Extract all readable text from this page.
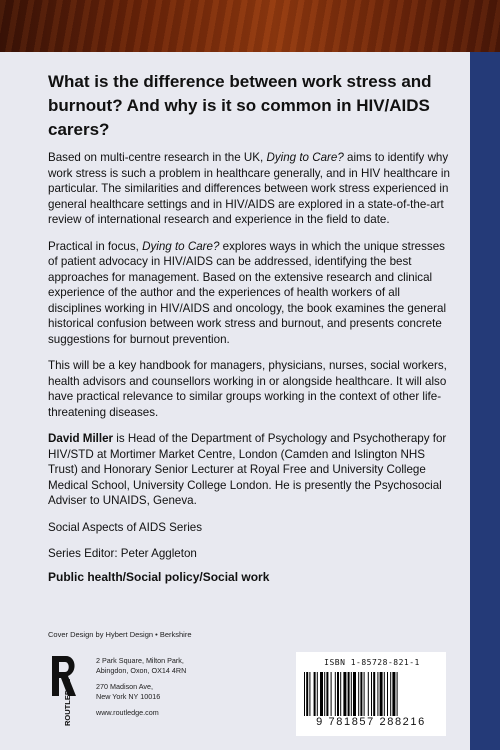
What is the difference between work stress and burnout? And why is it so common in HIV/AIDS carers?

Based on multi-centre research in the UK, Dying to Care? aims to identify why work stress is such a problem in healthcare generally, and in HIV healthcare in particular. The similarities and differences between work stress experienced in general healthcare settings and in HIV/AIDS are explored in a state-of-the-art review of international research and experience in the field to date.

Practical in focus, Dying to Care? explores ways in which the unique stresses of patient advocacy in HIV/AIDS can be addressed, identifying the best approaches for management. Based on the extensive research and clinical experience of the author and the experiences of health workers of all disciplines working in HIV/AIDS and oncology, the book examines the general historical confusion between work stress and burnout, and presents concrete suggestions for burnout prevention.

This will be a key handbook for managers, physicians, nurses, social workers, health advisors and counsellors working in or alongside healthcare. It will also have practical relevance to similar groups working in the context of other life-threatening diseases.

David Miller is Head of the Department of Psychology and Psychotherapy for HIV/STD at Mortimer Market Centre, London (Camden and Islington NHS Trust) and Honorary Senior Lecturer at Royal Free and University College Medical School, University College London. He is presently the Psychosocial Adviser to UNAIDS, Geneva.

Social Aspects of AIDS Series

Series Editor: Peter Aggleton

Public health/Social policy/Social work

Cover Design by Hybert Design • Berkshire
ROUTLEDGE
2 Park Square, Milton Park,
Abingdon, Oxon, OX14 4RN
270 Madison Ave,
New York NY 10016
www.routledge.com
ISBN 1-85728-821-1
9 781857 288216
